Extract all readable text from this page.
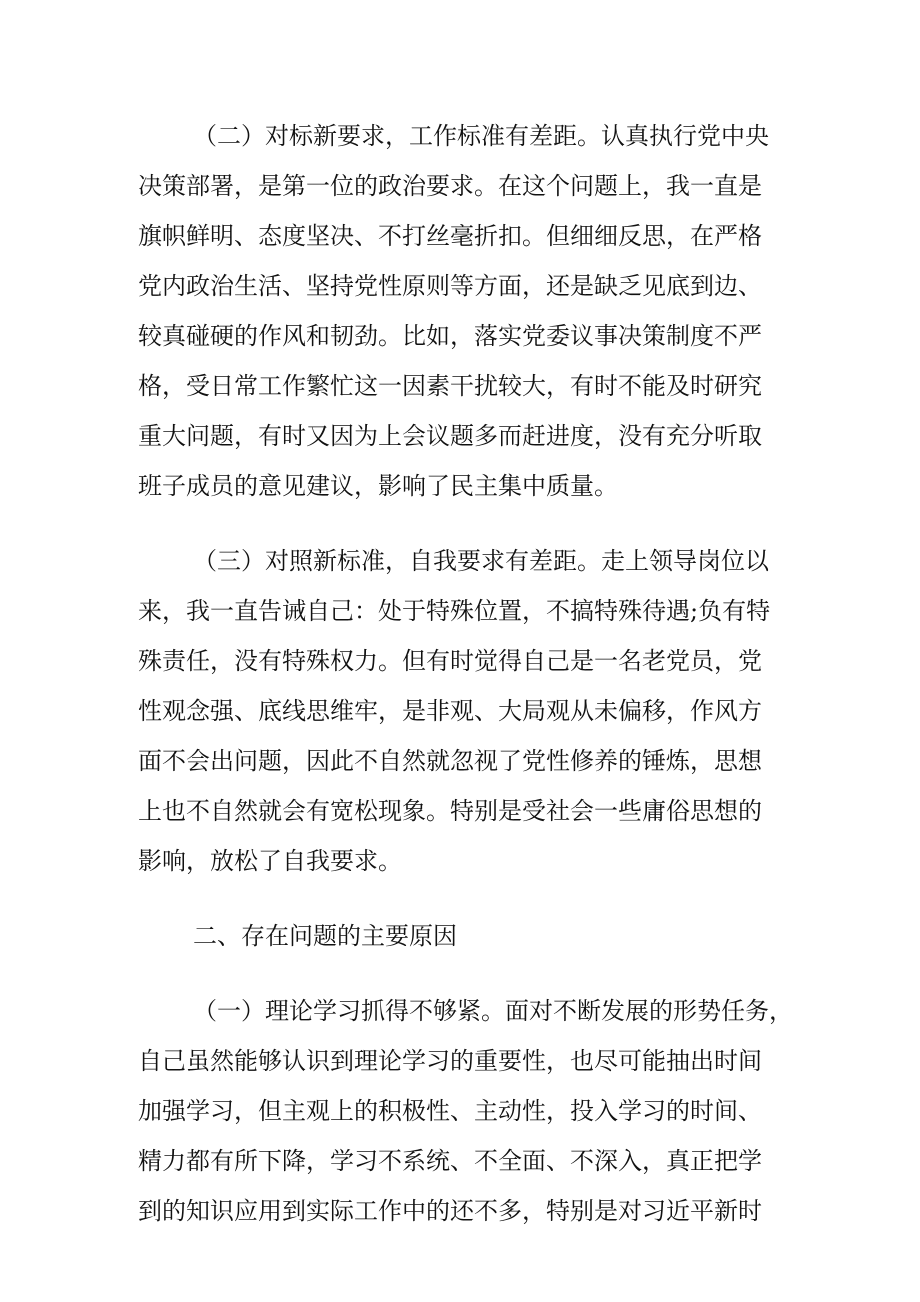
（二）对标新要求，工作标准有差距。认真执行党中央
决策部署，是第一位的政治要求。在这个问题上，我一直是
旗帜鲜明、态度坚决、不打丝毫折扣。但细细反思，在严格
党内政治生活、坚持党性原则等方面，还是缺乏见底到边、
较真碰硬的作风和韧劲。比如，落实党委议事决策制度不严
格，受日常工作繁忙这一因素干扰较大，有时不能及时研究
重大问题，有时又因为上会议题多而赶进度，没有充分听取
班子成员的意见建议，影响了民主集中质量。
（三）对照新标准，自我要求有差距。走上领导岗位以
来，我一直告诫自己：处于特殊位置，不搞特殊待遇;负有特
殊责任，没有特殊权力。但有时觉得自己是一名老党员，党
性观念强、底线思维牢，是非观、大局观从未偏移，作风方
面不会出问题，因此不自然就忽视了党性修养的锤炼，思想
上也不自然就会有宽松现象。特别是受社会一些庸俗思想的
影响，放松了自我要求。
二、存在问题的主要原因
（一）理论学习抓得不够紧。面对不断发展的形势任务，
自己虽然能够认识到理论学习的重要性，也尽可能抽出时间
加强学习，但主观上的积极性、主动性，投入学习的时间、
精力都有所下降，学习不系统、不全面、不深入，真正把学
到的知识应用到实际工作中的还不多，特别是对习近平新时
